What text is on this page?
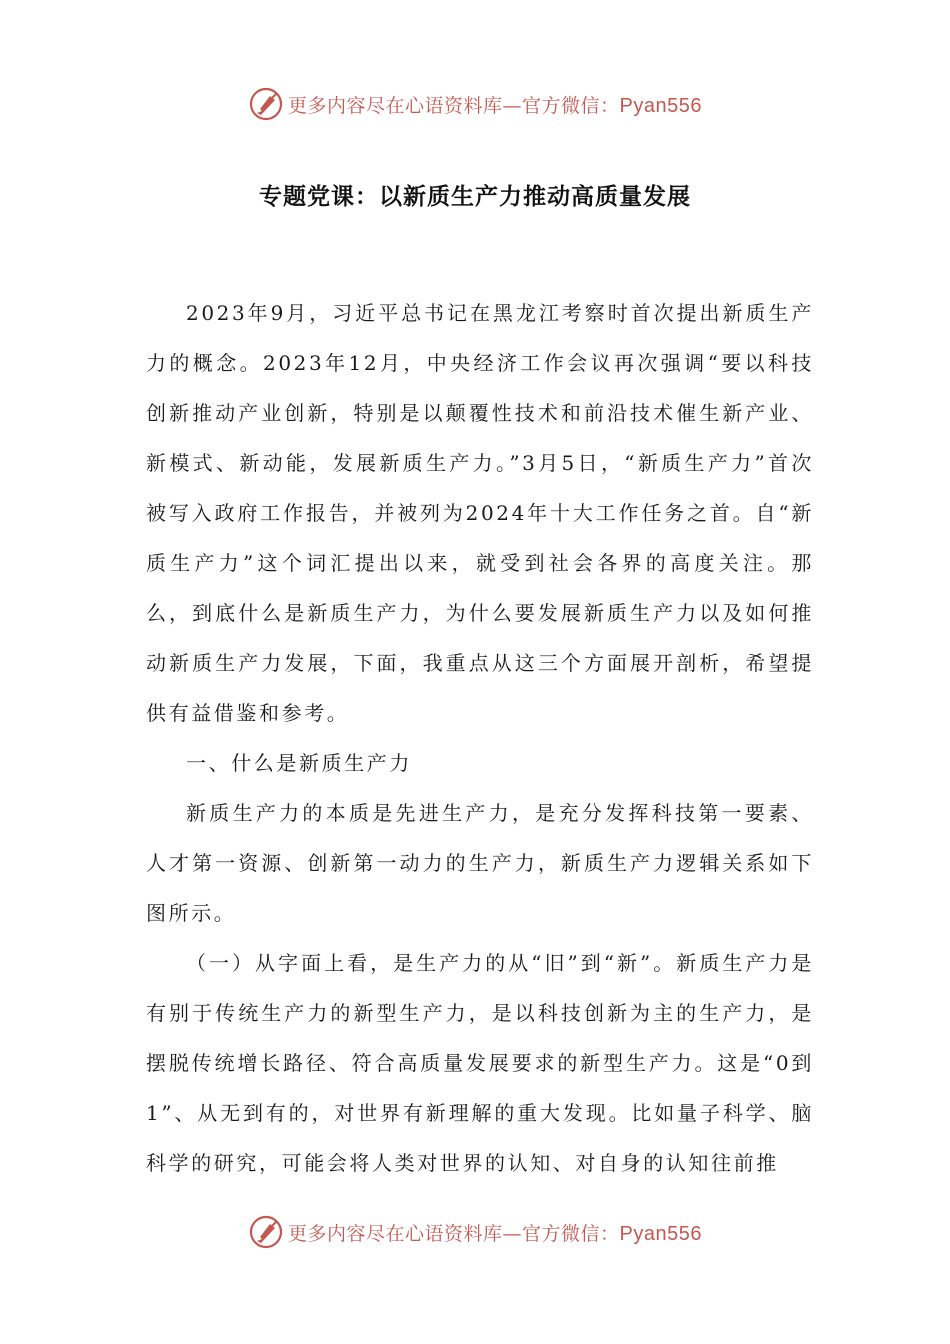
更多内容尽在心语资料库—官方微信：Pyan556
专题党课：以新质生产力推动高质量发展

2023年9月，习近平总书记在黑龙江考察时首次提出新质生产力的概念。2023年12月，中央经济工作会议再次强调“要以科技创新推动产业创新，特别是以颠覆性技术和前沿技术催生新产业、新模式、新动能，发展新质生产力。”3月5日，“新质生产力”首次被写入政府工作报告，并被列为2024年十大工作任务之首。自“新质生产力”这个词汇提出以来，就受到社会各界的高度关注。那么，到底什么是新质生产力，为什么要发展新质生产力以及如何推动新质生产力发展，下面，我重点从这三个方面展开剖析，希望提供有益借鉴和参考。

一、什么是新质生产力

新质生产力的本质是先进生产力，是充分发挥科技第一要素、人才第一资源、创新第一动力的生产力，新质生产力逻辑关系如下图所示。

（一）从字面上看，是生产力的从“旧”到“新”。新质生产力是有别于传统生产力的新型生产力，是以科技创新为主的生产力，是摆脱传统增长路径、符合高质量发展要求的新型生产力。这是“0到1”、从无到有的，对世界有新理解的重大发现。比如量子科学、脑科学的研究，可能会将人类对世界的认知、对自身的认知往前推

更多内容尽在心语资料库—官方微信：Pyan556
